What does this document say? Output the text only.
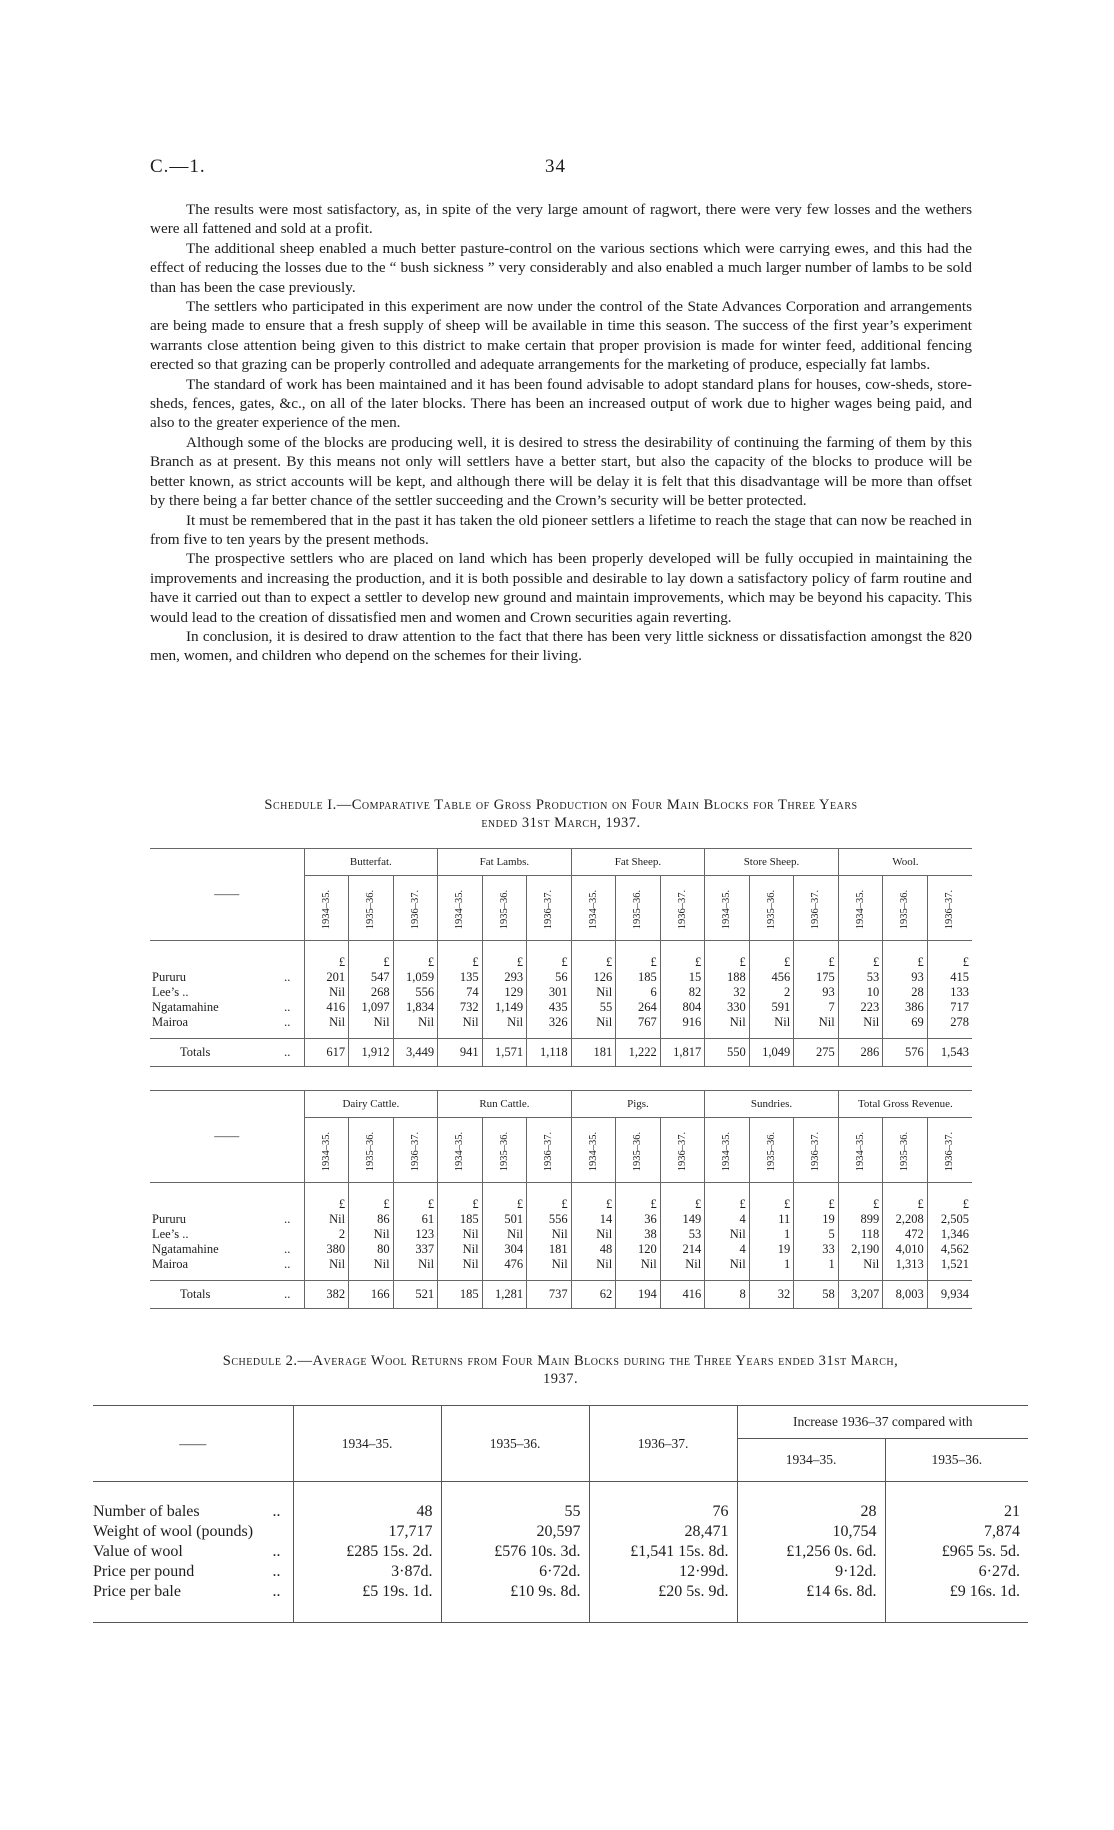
C.—1.	34

The results were most satisfactory, as, in spite of the very large amount of ragwort, there were very few losses and the wethers were all fattened and sold at a profit.

The additional sheep enabled a much better pasture-control on the various sections which were carrying ewes, and this had the effect of reducing the losses due to the “ bush sickness ” very considerably and also enabled a much larger number of lambs to be sold than has been the case previously.

The settlers who participated in this experiment are now under the control of the State Advances Corporation and arrangements are being made to ensure that a fresh supply of sheep will be available in time this season. The success of the first year’s experiment warrants close attention being given to this district to make certain that proper provision is made for winter feed, additional fencing erected so that grazing can be properly controlled and adequate arrangements for the marketing of produce, especially fat lambs.

The standard of work has been maintained and it has been found advisable to adopt standard plans for houses, cow-sheds, store-sheds, fences, gates, &c., on all of the later blocks. There has been an increased output of work due to higher wages being paid, and also to the greater experience of the men.

Although some of the blocks are producing well, it is desired to stress the desirability of continuing the farming of them by this Branch as at present. By this means not only will settlers have a better start, but also the capacity of the blocks to produce will be better known, as strict accounts will be kept, and although there will be delay it is felt that this disadvantage will be more than offset by there being a far better chance of the settler succeeding and the Crown’s security will be better protected.

It must be remembered that in the past it has taken the old pioneer settlers a lifetime to reach the stage that can now be reached in from five to ten years by the present methods.

The prospective settlers who are placed on land which has been properly developed will be fully occupied in maintaining the improvements and increasing the production, and it is both possible and desirable to lay down a satisfactory policy of farm routine and have it carried out than to expect a settler to develop new ground and maintain improvements, which may be beyond his capacity. This would lead to the creation of dissatisfied men and women and Crown securities again reverting.

In conclusion, it is desired to draw attention to the fact that there has been very little sickness or dissatisfaction amongst the 820 men, women, and children who depend on the schemes for their living.

Schedule I.—Comparative Table of Gross Production on Four Main Blocks for Three Years
ended 31st March, 1937.
——		Butterfat.			Fat Lambs.			Fat Sheep.			Store Sheep.			Wool.		
		1934–35.	1935–36.	1936–37.	1934–35.	1935–36.	1936–37.	1934–35.	1935–36.	1936–37.	1934–35.	1935–36.	1936–37.	1934–35.	1935–36.	1936–37.
		£	£	£	£	£	£	£	£	£	£	£	£	£	£	£
Pururu	..	201	547	1,059	135	293	56	126	185	15	188	456	175	53	93	415
Lee’s ..		Nil	268	556	74	129	301	Nil	6	82	32	2	93	10	28	133
Ngatamahine	..	416	1,097	1,834	732	1,149	435	55	264	804	330	591	7	223	386	717
Mairoa	..	Nil	Nil	Nil	Nil	Nil	326	Nil	767	916	Nil	Nil	Nil	Nil	69	278
Totals	..	617	1,912	3,449	941	1,571	1,118	181	1,222	1,817	550	1,049	275	286	576	1,543
——		Dairy Cattle.			Run Cattle.			Pigs.			Sundries.			Total Gross Revenue.		
		1934–35.	1935–36.	1936–37.	1934–35.	1935–36.	1936–37.	1934–35.	1935–36.	1936–37.	1934–35.	1935–36.	1936–37.	1934–35.	1935–36.	1936–37.
		£	£	£	£	£	£	£	£	£	£	£	£	£	£	£
Pururu	..	Nil	86	61	185	501	556	14	36	149	4	11	19	899	2,208	2,505
Lee’s ..		2	Nil	123	Nil	Nil	Nil	Nil	38	53	Nil	1	5	118	472	1,346
Ngatamahine	..	380	80	337	Nil	304	181	48	120	214	4	19	33	2,190	4,010	4,562
Mairoa	..	Nil	Nil	Nil	Nil	476	Nil	Nil	Nil	Nil	Nil	1	1	Nil	1,313	1,521
Totals	..	382	166	521	185	1,281	737	62	194	416	8	32	58	3,207	8,003	9,934
Schedule 2.—Average Wool Returns from Four Main Blocks during the Three Years ended 31st March,
1937.
——	1934–35.	1935–36.	1936–37.	Increase 1936–37 compared with	
				1934–35.	1935–36.

Number of bales ..	48	55	76	28	21
Weight of wool (pounds)	17,717	20,597	28,471	10,754	7,874
Value of wool ..	£285 15s. 2d.	£576 10s. 3d.	£1,541 15s. 8d.	£1,256 0s. 6d.	£965 5s. 5d.
Price per pound ..	3·87d.	6·72d.	12·99d.	9·12d.	6·27d.
Price per bale ..	£5 19s. 1d.	£10 9s. 8d.	£20 5s. 9d.	£14 6s. 8d.	£9 16s. 1d.
